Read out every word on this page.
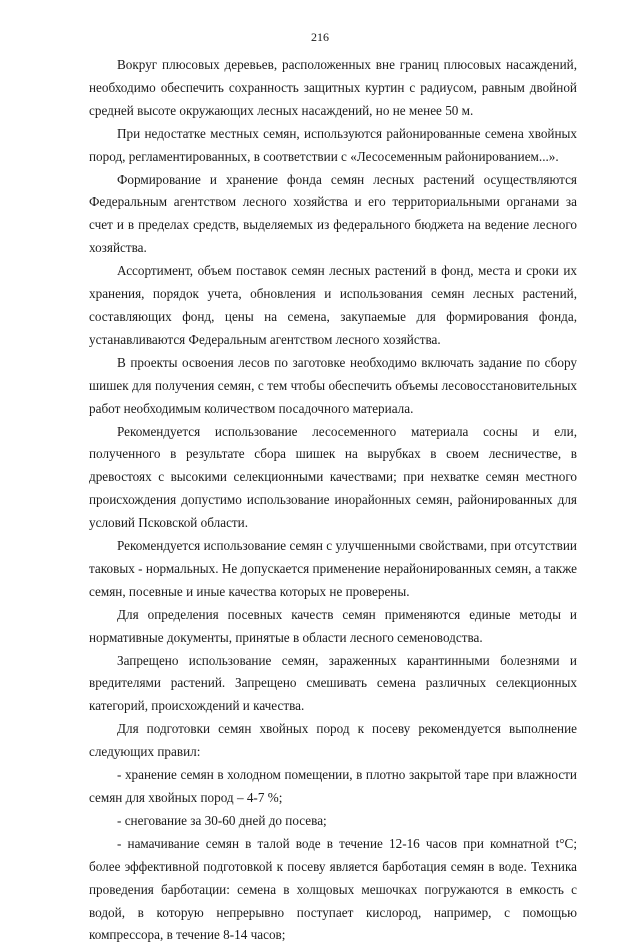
216

Вокруг плюсовых деревьев, расположенных вне границ плюсовых насаждений, необходимо обеспечить сохранность защитных куртин с радиусом, равным двойной средней высоте окружающих лесных насаждений, но не менее 50 м.

При недостатке местных семян, используются районированные семена хвойных пород, регламентированных, в соответствии с «Лесосеменным районированием...».

Формирование и хранение фонда семян лесных растений осуществляются Федеральным агентством лесного хозяйства и его территориальными органами за счет и в пределах средств, выделяемых из федерального бюджета на ведение лесного хозяйства.

Ассортимент, объем поставок семян лесных растений в фонд, места и сроки их хранения, порядок учета, обновления и использования семян лесных растений, составляющих фонд, цены на семена, закупаемые для формирования фонда, устанавливаются Федеральным агентством лесного хозяйства.

В проекты освоения лесов по заготовке необходимо включать задание по сбору шишек для получения семян, с тем чтобы обеспечить объемы лесовосстановительных работ необходимым количеством посадочного материала.

Рекомендуется использование лесосеменного материала сосны и ели, полученного в результате сбора шишек на вырубках в своем лесничестве, в древостоях с высокими селекционными качествами; при нехватке семян местного происхождения допустимо использование инорайонных семян, районированных для условий Псковской области.

Рекомендуется использование семян с улучшенными свойствами, при отсутствии таковых - нормальных. Не допускается применение нерайонированных семян, а также семян, посевные и иные качества которых не проверены.

Для определения посевных качеств семян применяются единые методы и нормативные документы, принятые в области лесного семеноводства.

Запрещено использование семян, зараженных карантинными болезнями и вредителями растений. Запрещено смешивать семена различных селекционных категорий, происхождений и качества.

Для подготовки семян хвойных пород к посеву рекомендуется выполнение следующих правил:

- хранение семян в холодном помещении, в плотно закрытой таре при влажности семян для хвойных пород – 4-7 %;

- снегование за 30-60 дней до посева;

- намачивание семян в талой воде в течение 12-16 часов при комнатной t°C; более эффективной подготовкой к посеву является барботация семян в воде. Техника проведения барботации: семена в холщовых мешочках погружаются в емкость с водой, в которую непрерывно поступает кислород, например, с помощью компрессора, в течение 8-14 часов;
